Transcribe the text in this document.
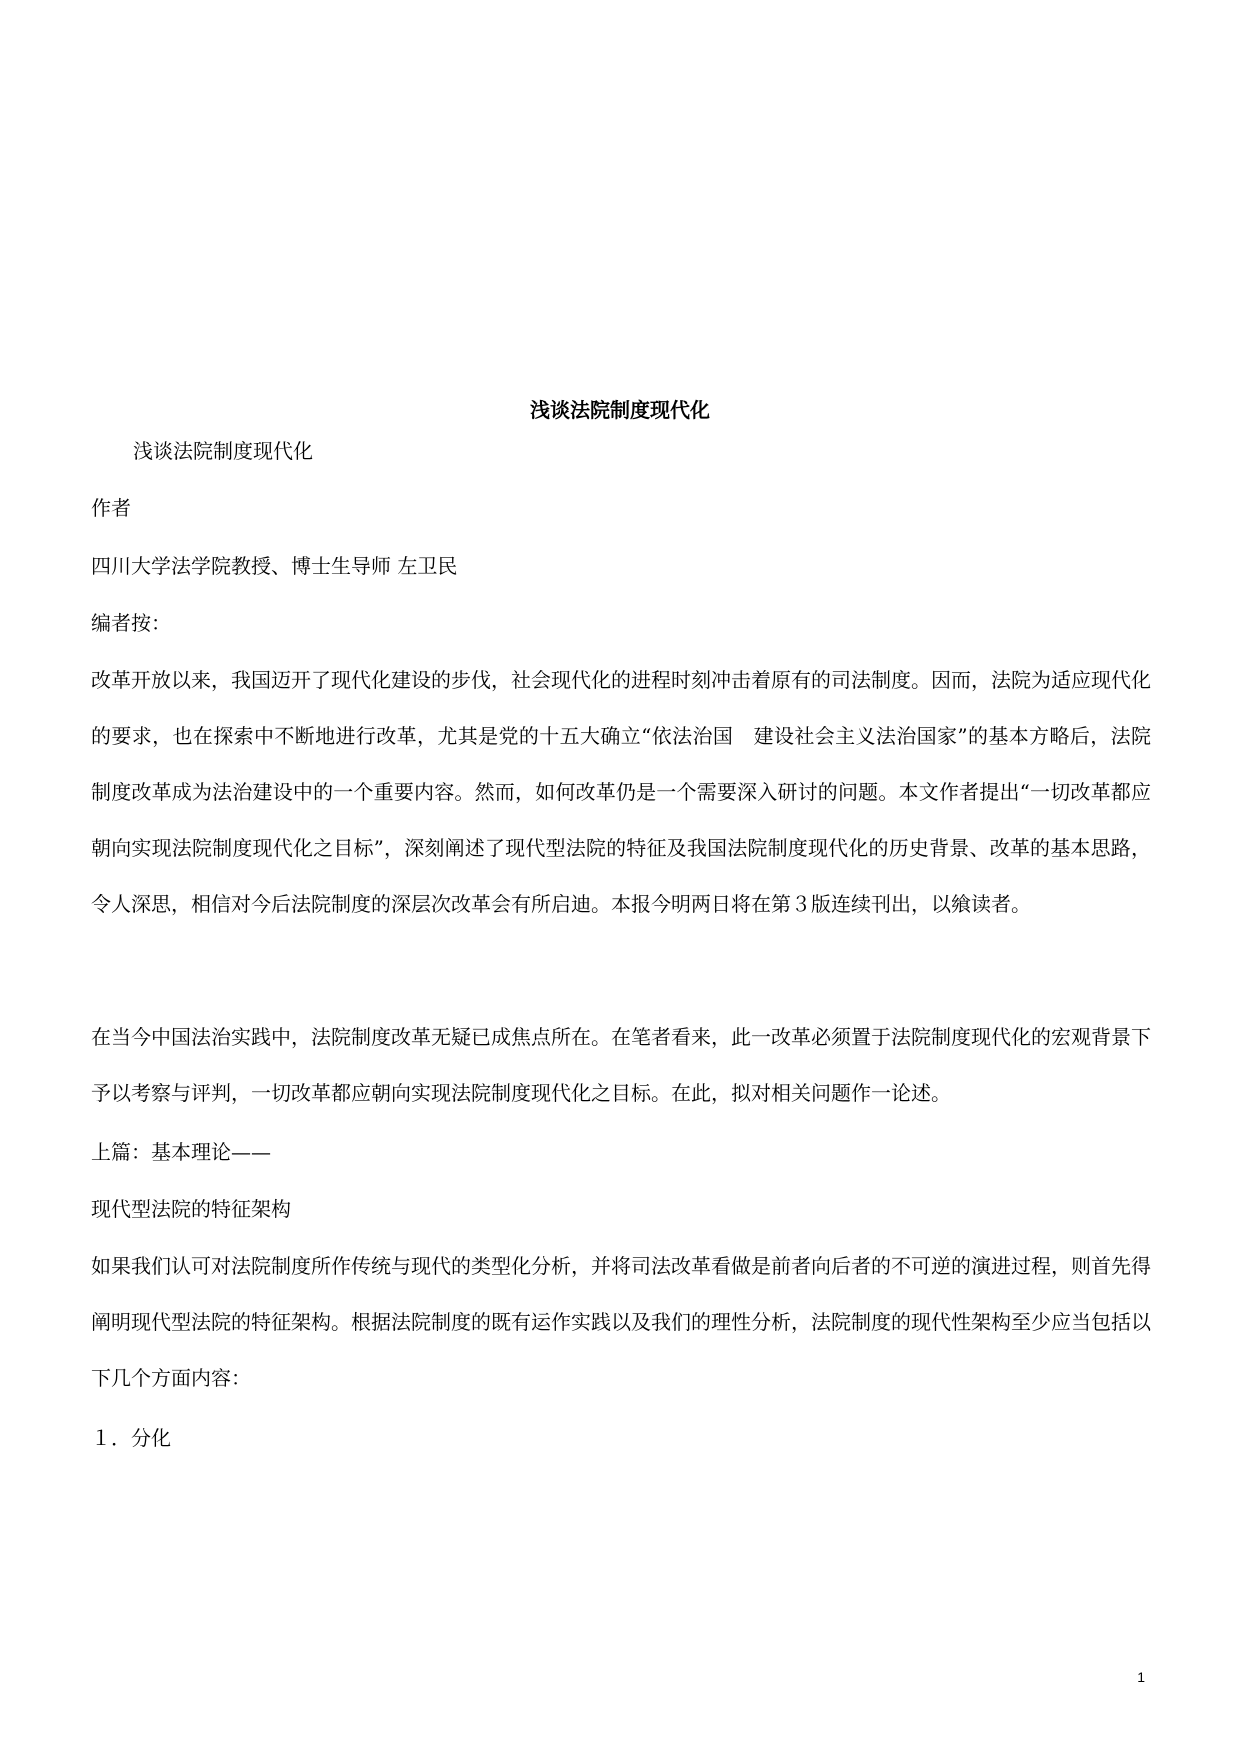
浅谈法院制度现代化
浅谈法院制度现代化
作者
四川大学法学院教授、博士生导师 左卫民
编者按：
改革开放以来，我国迈开了现代化建设的步伐，社会现代化的进程时刻冲击着原有的司法制度。因而，法院为适应现代化的要求，也在探索中不断地进行改革，尤其是党的十五大确立“依法治国　建设社会主义法治国家”的基本方略后，法院制度改革成为法治建设中的一个重要内容。然而，如何改革仍是一个需要深入研讨的问题。本文作者提出“一切改革都应朝向实现法院制度现代化之目标”，深刻阐述了现代型法院的特征及我国法院制度现代化的历史背景、改革的基本思路，令人深思，相信对今后法院制度的深层次改革会有所启迪。本报今明两日将在第３版连续刊出，以飨读者。
在当今中国法治实践中，法院制度改革无疑已成焦点所在。在笔者看来，此一改革必须置于法院制度现代化的宏观背景下予以考察与评判，一切改革都应朝向实现法院制度现代化之目标。在此，拟对相关问题作一论述。
上篇：基本理论——
现代型法院的特征架构
如果我们认可对法院制度所作传统与现代的类型化分析，并将司法改革看做是前者向后者的不可逆的演进过程，则首先得阐明现代型法院的特征架构。根据法院制度的既有运作实践以及我们的理性分析，法院制度的现代性架构至少应当包括以下几个方面内容：
１．分化
1
